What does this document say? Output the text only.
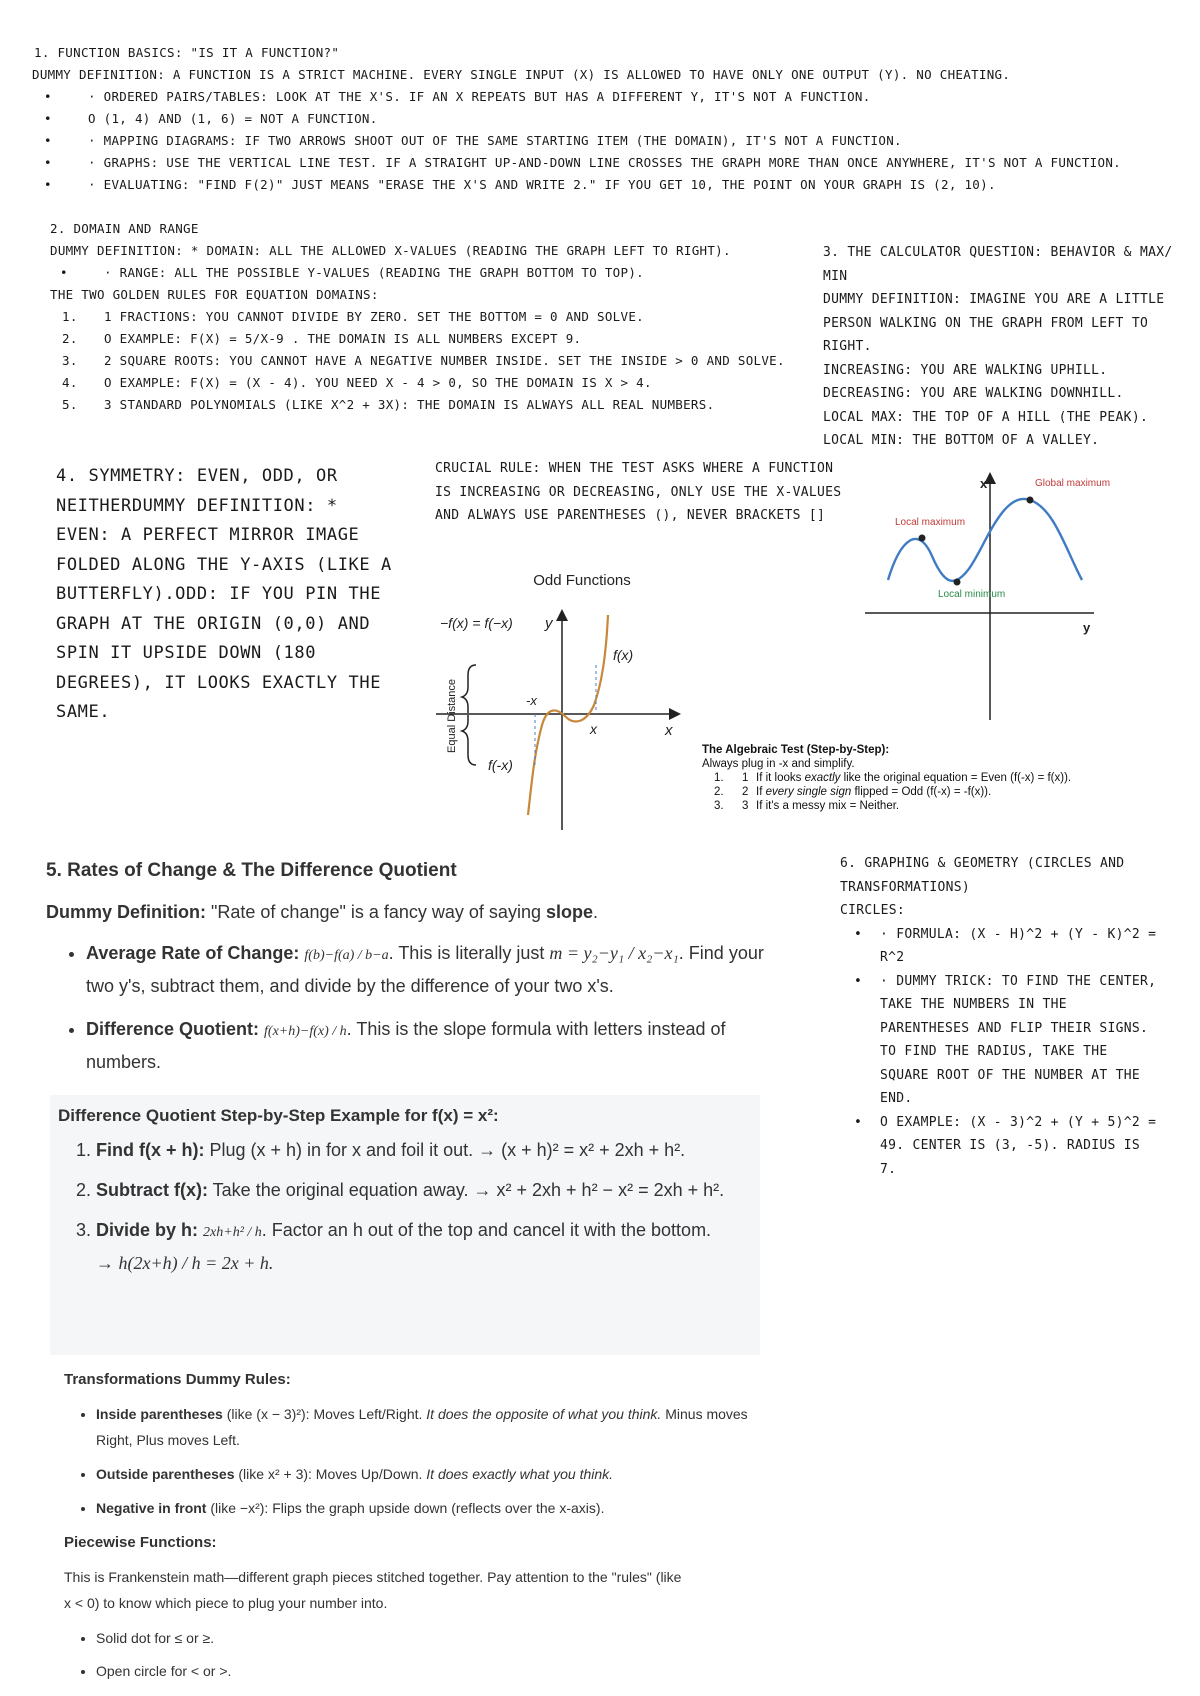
1. FUNCTION BASICS: "IS IT A FUNCTION?"
DUMMY DEFINITION: A FUNCTION IS A STRICT MACHINE. EVERY SINGLE INPUT (X) IS ALLOWED TO HAVE ONLY ONE OUTPUT (Y). NO CHEATING.
•	· ORDERED PAIRS/TABLES: LOOK AT THE X'S. IF AN X REPEATS BUT HAS A DIFFERENT Y, IT'S NOT A FUNCTION.
•	O (1, 4) AND (1, 6) = NOT A FUNCTION.
•	· MAPPING DIAGRAMS: IF TWO ARROWS SHOOT OUT OF THE SAME STARTING ITEM (THE DOMAIN), IT'S NOT A FUNCTION.
•	· GRAPHS: USE THE VERTICAL LINE TEST. IF A STRAIGHT UP-AND-DOWN LINE CROSSES THE GRAPH MORE THAN ONCE ANYWHERE, IT'S NOT A FUNCTION.
•	· EVALUATING: "FIND F(2)" JUST MEANS "ERASE THE X'S AND WRITE 2." IF YOU GET 10, THE POINT ON YOUR GRAPH IS (2, 10).
2. DOMAIN AND RANGE
DUMMY DEFINITION: * DOMAIN: ALL THE ALLOWED X-VALUES (READING THE GRAPH LEFT TO RIGHT).
•	· RANGE: ALL THE POSSIBLE Y-VALUES (READING THE GRAPH BOTTOM TO TOP).
THE TWO GOLDEN RULES FOR EQUATION DOMAINS:
1. 1 FRACTIONS: YOU CANNOT DIVIDE BY ZERO. SET THE BOTTOM = 0 AND SOLVE.
2. O EXAMPLE: F(X) = 5/X-9 . THE DOMAIN IS ALL NUMBERS EXCEPT 9.
3. 2 SQUARE ROOTS: YOU CANNOT HAVE A NEGATIVE NUMBER INSIDE. SET THE INSIDE > 0 AND SOLVE.
4. O EXAMPLE: F(X) = (X - 4). YOU NEED X - 4 > 0, SO THE DOMAIN IS X > 4.
5. 3 STANDARD POLYNOMIALS (LIKE X^2 + 3X): THE DOMAIN IS ALWAYS ALL REAL NUMBERS.
3. THE CALCULATOR QUESTION: BEHAVIOR & MAX/ MIN
DUMMY DEFINITION: IMAGINE YOU ARE A LITTLE PERSON WALKING ON THE GRAPH FROM LEFT TO RIGHT.
INCREASING: YOU ARE WALKING UPHILL.
DECREASING: YOU ARE WALKING DOWNHILL.
LOCAL MAX: THE TOP OF A HILL (THE PEAK).
LOCAL MIN: THE BOTTOM OF A VALLEY.
4. SYMMETRY: EVEN, ODD, OR NEITHERDUMMY DEFINITION: * EVEN: A PERFECT MIRROR IMAGE FOLDED ALONG THE Y-AXIS (LIKE A BUTTERFLY).ODD: IF YOU PIN THE GRAPH AT THE ORIGIN (0,0) AND SPIN IT UPSIDE DOWN (180 DEGREES), IT LOOKS EXACTLY THE SAME.
CRUCIAL RULE: WHEN THE TEST ASKS WHERE A FUNCTION IS INCREASING OR DECREASING, ONLY USE THE X-VALUES AND ALWAYS USE PARENTHESES (), NEVER BRACKETS []
Odd Functions
−f(x) = f(−x) y
f(x)
-x
x	x
Equal Distance
f(-x)
x
y
Global maximum
Local maximum
Local minimum
The Algebraic Test (Step-by-Step):
Always plug in -x and simplify.
1. 1 If it looks exactly like the original equation = Even (f(-x) = f(x)).
2. 2 If every single sign flipped = Odd (f(-x) = -f(x)).
3. 3 If it's a messy mix = Neither.
5. Rates of Change & The Difference Quotient
Dummy Definition: "Rate of change" is a fancy way of saying slope.
• Average Rate of Change: f(b)−f(a) / b−a. This is literally just m = y₂−y₁ / x₂−x₁. Find your two y's, subtract them, and divide by the difference of your two x's.
• Difference Quotient: f(x+h)−f(x) / h. This is the slope formula with letters instead of numbers.
Difference Quotient Step-by-Step Example for f(x) = x²:
1. Find f(x + h): Plug (x + h) in for x and foil it out. → (x + h)² = x² + 2xh + h².
2. Subtract f(x): Take the original equation away. → x² + 2xh + h² − x² = 2xh + h².
3. Divide by h: 2xh+h² / h. Factor an h out of the top and cancel it with the bottom.
→ h(2x+h) / h = 2x + h.
Transformations Dummy Rules:
• Inside parentheses (like (x − 3)²): Moves Left/Right. It does the opposite of what you think. Minus moves Right, Plus moves Left.
• Outside parentheses (like x² + 3): Moves Up/Down. It does exactly what you think.
• Negative in front (like −x²): Flips the graph upside down (reflects over the x-axis).
Piecewise Functions:
This is Frankenstein math—different graph pieces stitched together. Pay attention to the "rules" (like x < 0) to know which piece to plug your number into.
• Solid dot for ≤ or ≥.
• Open circle for < or >.
6. GRAPHING & GEOMETRY (CIRCLES AND TRANSFORMATIONS)
CIRCLES:
• · FORMULA: (X - H)^2 + (Y - K)^2 = R^2
• · DUMMY TRICK: TO FIND THE CENTER, TAKE THE NUMBERS IN THE PARENTHESES AND FLIP THEIR SIGNS. TO FIND THE RADIUS, TAKE THE SQUARE ROOT OF THE NUMBER AT THE END.
• O EXAMPLE: (X - 3)^2 + (Y + 5)^2 = 49. CENTER IS (3, -5). RADIUS IS 7.
